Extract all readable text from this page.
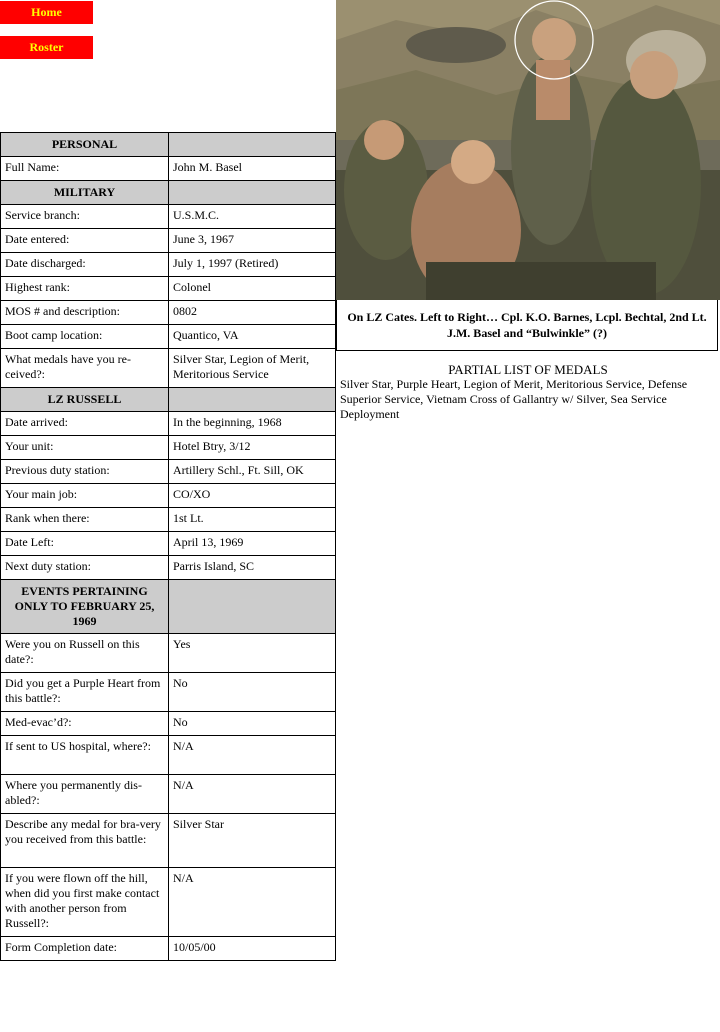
Home
Roster
PERSONAL	
Full Name:	John M. Basel
MILITARY	
Service branch:	U.S.M.C.
Date entered:	June 3, 1967
Date discharged:	July 1, 1997 (Retired)
Highest rank:	Colonel
MOS # and description:	0802
Boot camp location:	Quantico, VA
What medals have you re-ceived?:	Silver Star, Legion of Merit, Meritorious Service
LZ RUSSELL	
Date arrived:	In the beginning, 1968
Your unit:	Hotel Btry, 3/12
Previous duty station:	Artillery Schl., Ft. Sill, OK
Your main job:	CO/XO
Rank when there:	1st Lt.
Date Left:	April 13, 1969
Next duty station:	Parris Island, SC
EVENTS PERTAINING ONLY TO FEBRUARY 25, 1969	
Were you on Russell on this date?:	Yes
Did you get a Purple Heart from this battle?:	No
Med-evac’d?:	No
If sent to US hospital, where?:	N/A
Where you permanently dis-abled?:	N/A
Describe any medal for bra-very you received from this battle:	Silver Star
If you were flown off the hill, when did you first make contact with another person from Russell?:	N/A
Form Completion date:	10/05/00
On LZ Cates. Left to Right… Cpl. K.O. Barnes, Lcpl. Bechtal, 2nd Lt. J.M. Basel and “Bulwinkle” (?)
PARTIAL LIST OF MEDALS
Silver Star, Purple Heart, Legion of Merit, Meritorious Service, Defense Superior Service, Vietnam Cross of Gallantry w/ Silver, Sea Service Deployment
